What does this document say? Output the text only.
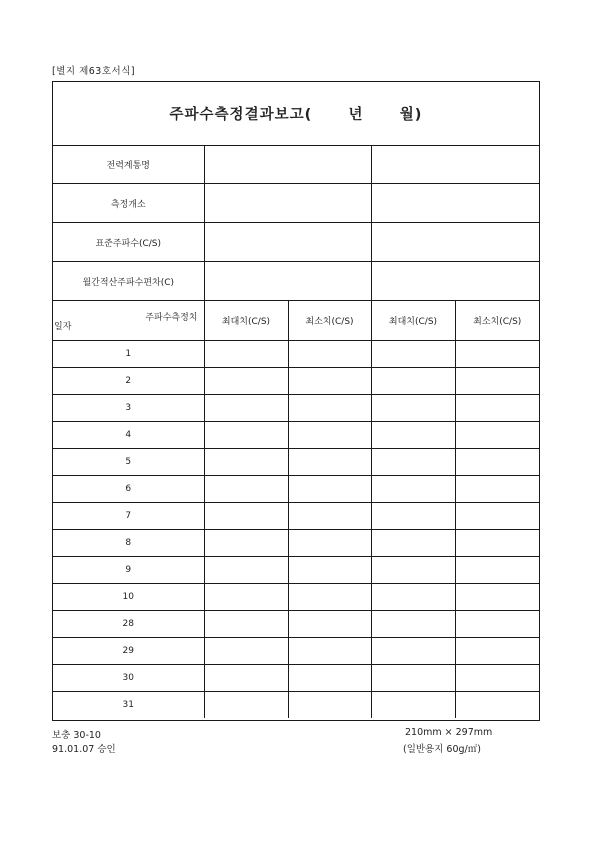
[별지 제63호서식]
주파수측정결과보고(      년      월)
전력계통명				
측정개소				
표준주파수(C/S)				
월간적산주파수편차(C)				

주파수측정치
일자	최대치(C/S)	최소치(C/S)	최대치(C/S)	최소치(C/S)
1				
2				
3				
4				
5				
6				
7				
8				
9				
10				
28				
29				
30				
31				
보충 30-10
91.01.07 승인
210mm × 297mm
(일반용지 60g/㎡)
